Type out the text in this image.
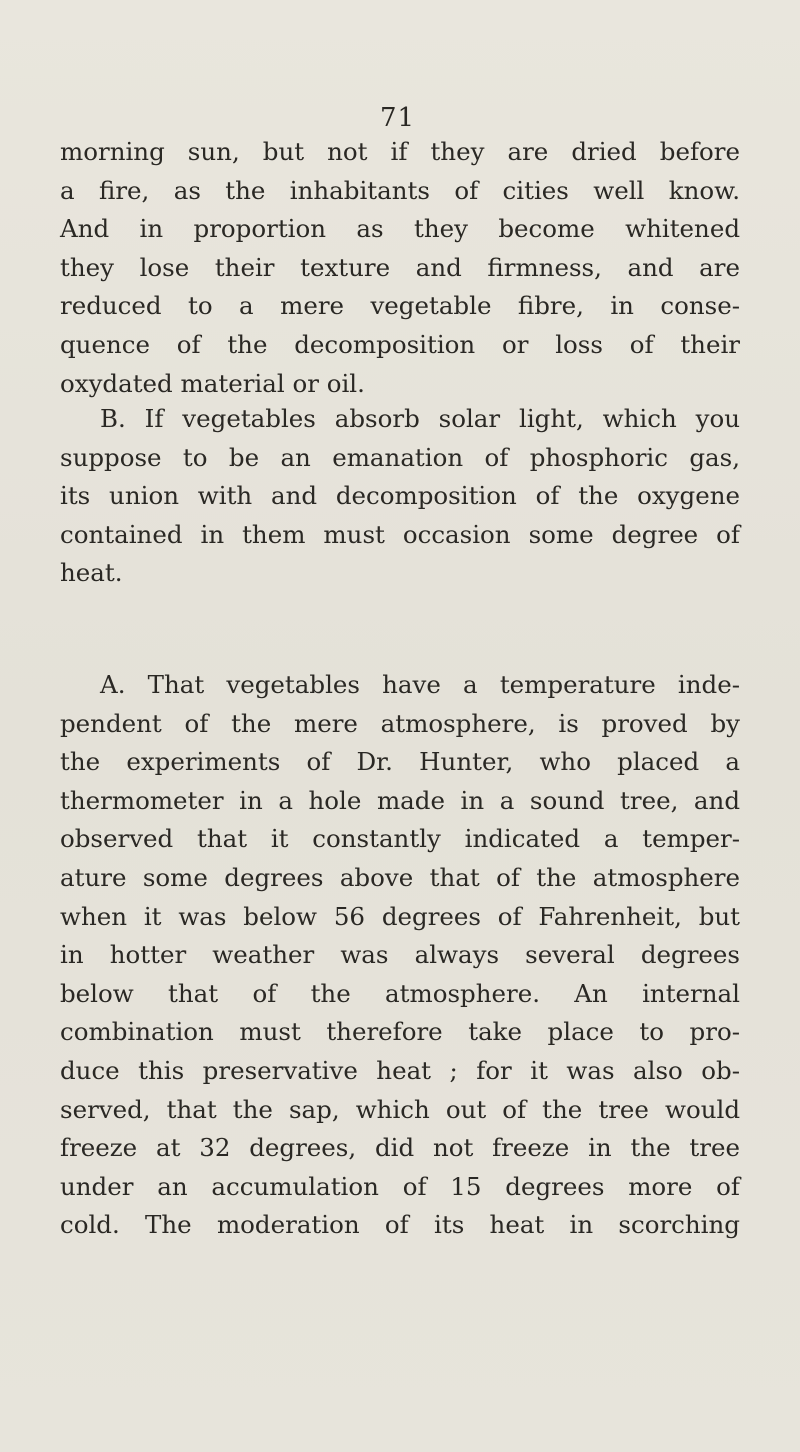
71
morning sun, but not if they are dried before
a fire, as the inhabitants of cities well know.
And in proportion as they become whitened
they lose their texture and firmness, and are
reduced to a mere vegetable fibre, in conse-
quence of the decomposition or loss of their
oxydated material or oil.
B. If vegetables absorb solar light, which you
suppose to be an emanation of phosphoric gas,
its union with and decomposition of the oxygene
contained in them must occasion some degree of
heat.
A. That vegetables have a temperature inde-
pendent of the mere atmosphere, is proved by
the experiments of Dr. Hunter, who placed a
thermometer in a hole made in a sound tree, and
observed that it constantly indicated a temper-
ature some degrees above that of the atmosphere
when it was below 56 degrees of Fahrenheit, but
in hotter weather was always several degrees
below that of the atmosphere. An internal
combination must therefore take place to pro-
duce this preservative heat ; for it was also ob-
served, that the sap, which out of the tree would
freeze at 32 degrees, did not freeze in the tree
under an accumulation of 15 degrees more of
cold. The moderation of its heat in scorching
